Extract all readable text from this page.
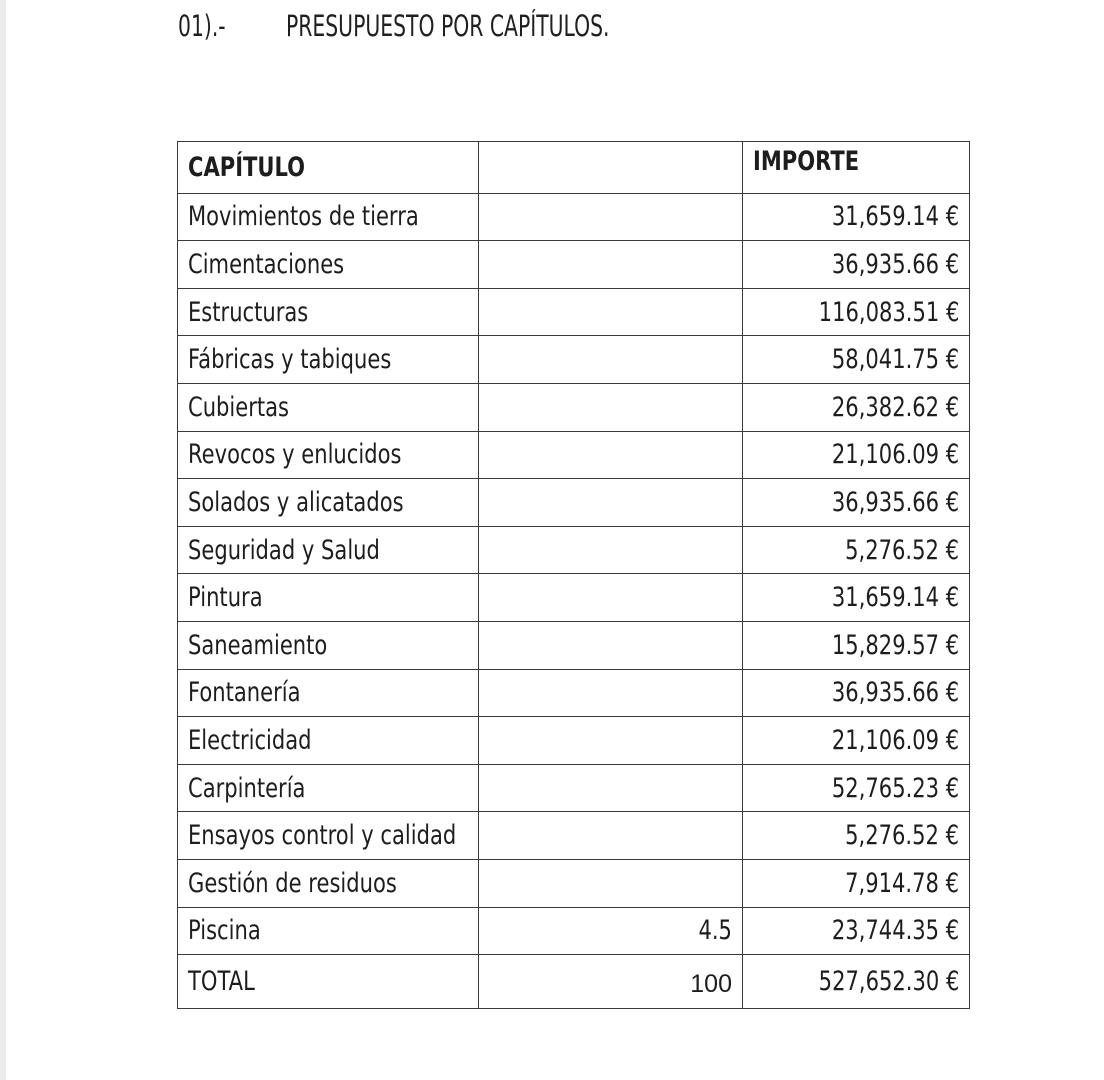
01).-	PRESUPUESTO POR CAPÍTULOS.
CAPÍTULO		IMPORTE
Movimientos de tierra		31,659.14 €
Cimentaciones		36,935.66 €
Estructuras		116,083.51 €
Fábricas y tabiques		58,041.75 €
Cubiertas		26,382.62 €
Revocos y enlucidos		21,106.09 €
Solados y alicatados		36,935.66 €
Seguridad y Salud		5,276.52 €
Pintura		31,659.14 €
Saneamiento		15,829.57 €
Fontanería		36,935.66 €
Electricidad		21,106.09 €
Carpintería		52,765.23 €
Ensayos control y calidad		5,276.52 €
Gestión de residuos		7,914.78 €
Piscina	4.5	23,744.35 €
TOTAL	100	527,652.30 €
